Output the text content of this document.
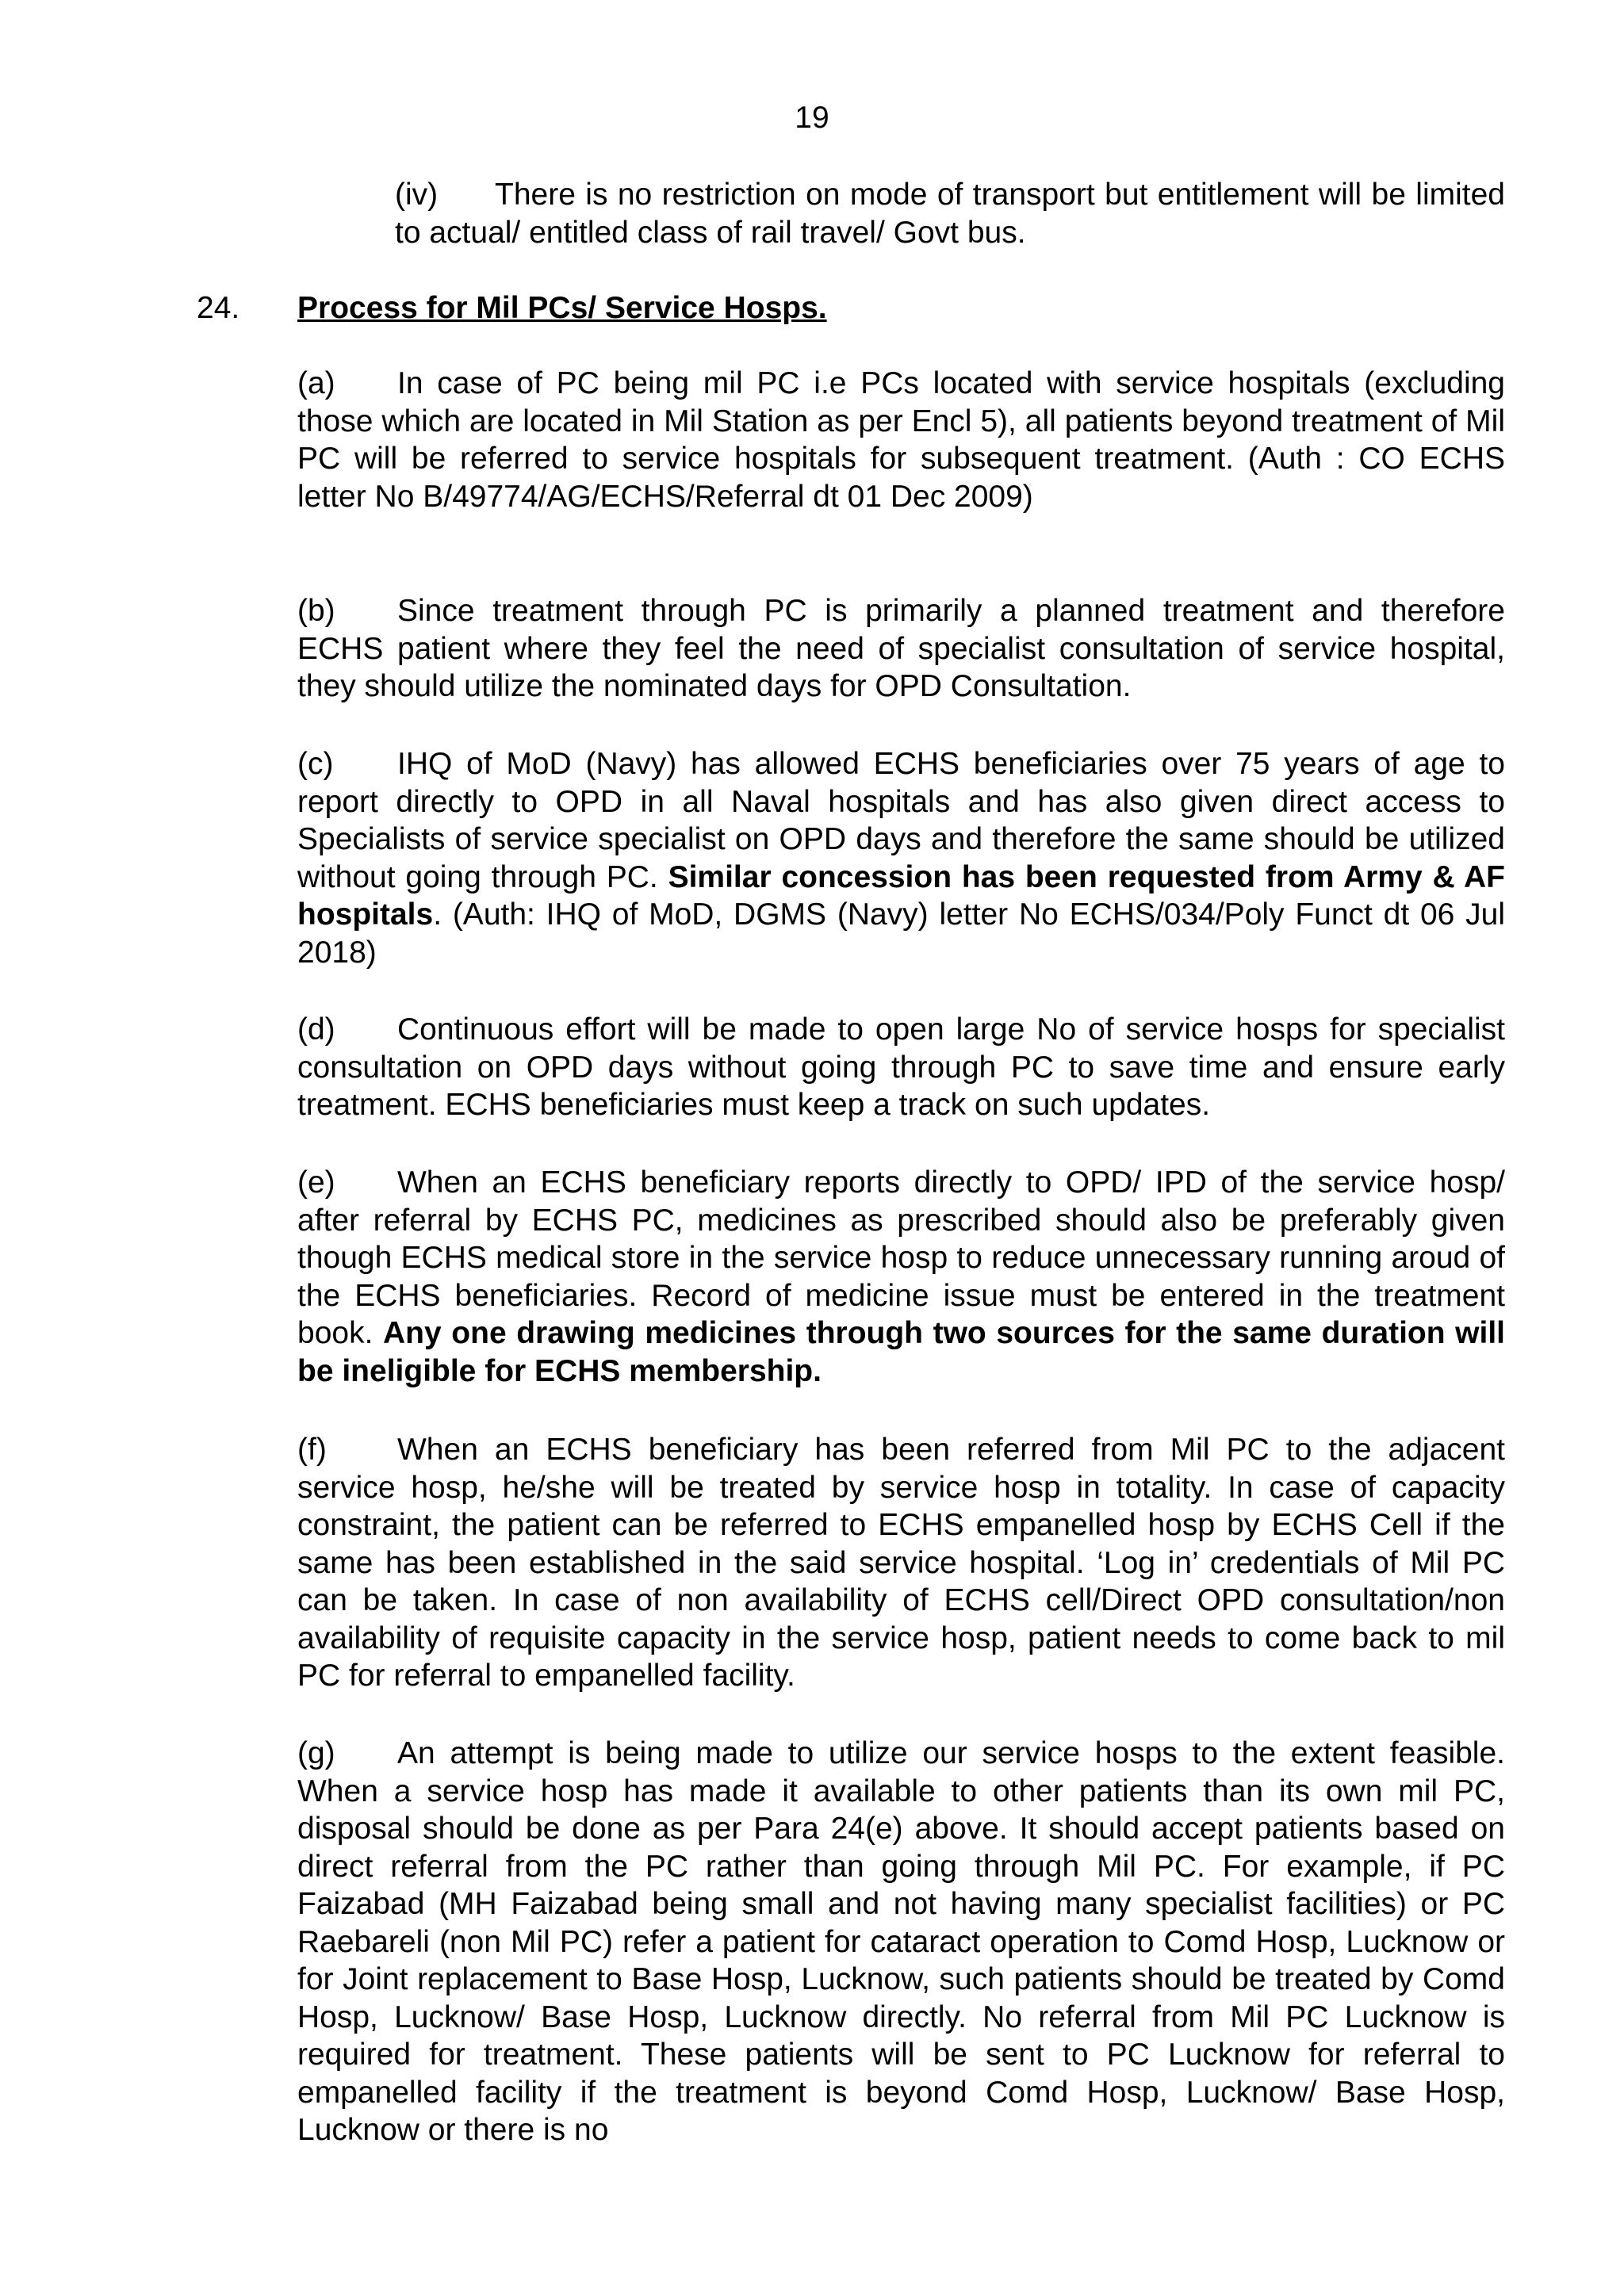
19
(iv) There is no restriction on mode of transport but entitlement will be limited to actual/ entitled class of rail travel/ Govt bus.
24. Process for Mil PCs/ Service Hosps.
(a) In case of PC being mil PC i.e PCs located with service hospitals (excluding those which are located in Mil Station as per Encl 5), all patients beyond treatment of Mil PC will be referred to service hospitals for subsequent treatment. (Auth : CO ECHS letter No B/49774/AG/ECHS/Referral dt 01 Dec 2009)
(b) Since treatment through PC is primarily a planned treatment and therefore ECHS patient where they feel the need of specialist consultation of service hospital, they should utilize the nominated days for OPD Consultation.
(c) IHQ of MoD (Navy) has allowed ECHS beneficiaries over 75 years of age to report directly to OPD in all Naval hospitals and has also given direct access to Specialists of service specialist on OPD days and therefore the same should be utilized without going through PC. Similar concession has been requested from Army & AF hospitals. (Auth: IHQ of MoD, DGMS (Navy) letter No ECHS/034/Poly Funct dt 06 Jul 2018)
(d) Continuous effort will be made to open large No of service hosps for specialist consultation on OPD days without going through PC to save time and ensure early treatment. ECHS beneficiaries must keep a track on such updates.
(e) When an ECHS beneficiary reports directly to OPD/ IPD of the service hosp/ after referral by ECHS PC, medicines as prescribed should also be preferably given though ECHS medical store in the service hosp to reduce unnecessary running aroud of the ECHS beneficiaries. Record of medicine issue must be entered in the treatment book. Any one drawing medicines through two sources for the same duration will be ineligible for ECHS membership.
(f) When an ECHS beneficiary has been referred from Mil PC to the adjacent service hosp, he/she will be treated by service hosp in totality. In case of capacity constraint, the patient can be referred to ECHS empanelled hosp by ECHS Cell if the same has been established in the said service hospital. ‘Log in’ credentials of Mil PC can be taken. In case of non availability of ECHS cell/Direct OPD consultation/non availability of requisite capacity in the service hosp, patient needs to come back to mil PC for referral to empanelled facility.
(g) An attempt is being made to utilize our service hosps to the extent feasible. When a service hosp has made it available to other patients than its own mil PC, disposal should be done as per Para 24(e) above. It should accept patients based on direct referral from the PC rather than going through Mil PC. For example, if PC Faizabad (MH Faizabad being small and not having many specialist facilities) or PC Raebareli (non Mil PC) refer a patient for cataract operation to Comd Hosp, Lucknow or for Joint replacement to Base Hosp, Lucknow, such patients should be treated by Comd Hosp, Lucknow/ Base Hosp, Lucknow directly. No referral from Mil PC Lucknow is required for treatment. These patients will be sent to PC Lucknow for referral to empanelled facility if the treatment is beyond Comd Hosp, Lucknow/ Base Hosp, Lucknow or there is no
